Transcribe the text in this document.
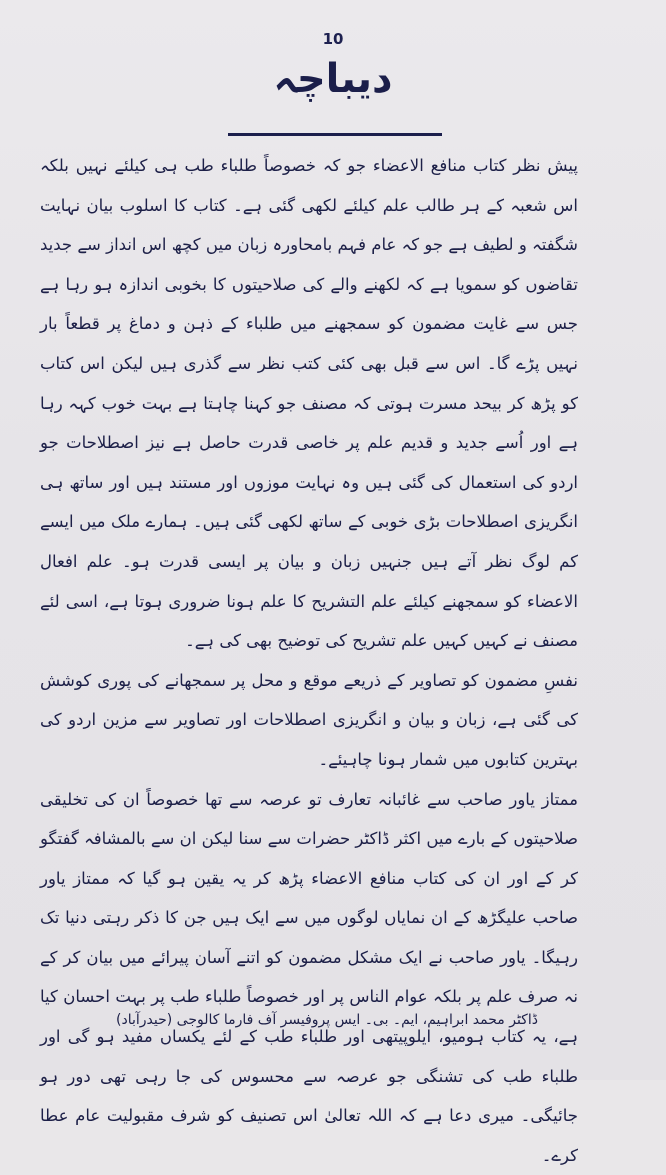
10
دیباچہ

پیش نظر کتاب منافع الاعضاء جو کہ خصوصاً طلباء طب ہی کیلئے نہیں بلکہ اس شعبہ کے ہر طالب علم کیلئے لکھی گئی ہے۔ کتاب کا اسلوب بیان نہایت شگفتہ و لطیف ہے جو کہ عام فہم بامحاورہ زبان میں کچھ اس انداز سے جدید تقاضوں کو سمویا ہے کہ لکھنے والے کی صلاحیتوں کا بخوبی اندازہ ہو رہا ہے جس سے غایت مضمون کو سمجھنے میں طلباء کے ذہن و دماغ پر قطعاً بار نہیں پڑے گا۔ اس سے قبل بھی کئی کتب نظر سے گذری ہیں لیکن اس کتاب کو پڑھ کر بیحد مسرت ہوتی کہ مصنف جو کہنا چاہتا ہے بہت خوب کہہ رہا ہے اور اُسے جدید و قدیم علم پر خاصی قدرت حاصل ہے نیز اصطلاحات جو اردو کی استعمال کی گئی ہیں وہ نہایت موزوں اور مستند ہیں اور ساتھ ہی انگریزی اصطلاحات بڑی خوبی کے ساتھ لکھی گئی ہیں۔ ہمارے ملک میں ایسے کم لوگ نظر آتے ہیں جنہیں زبان و بیان پر ایسی قدرت ہو۔ علم افعال الاعضاء کو سمجھنے کیلئے علم التشریح کا علم ہونا ضروری ہوتا ہے، اسی لئے مصنف نے کہیں کہیں علم تشریح کی توضیح بھی کی ہے۔

نفسِ مضمون کو تصاویر کے ذریعے موقع و محل پر سمجھانے کی پوری کوشش کی گئی ہے، زبان و بیان و انگریزی اصطلاحات اور تصاویر سے مزین اردو کی بہترین کتابوں میں شمار ہونا چاہیئے۔

ممتاز یاور صاحب سے غائبانہ تعارف تو عرصہ سے تھا خصوصاً ان کی تخلیقی صلاحیتوں کے بارے میں اکثر ڈاکٹر حضرات سے سنا لیکن ان سے بالمشافہ گفتگو کر کے اور ان کی کتاب منافع الاعضاء پڑھ کر یہ یقین ہو گیا کہ ممتاز یاور صاحب علیگڑھ کے ان نمایاں لوگوں میں سے ایک ہیں جن کا ذکر رہتی دنیا تک رہیگا۔ یاور صاحب نے ایک مشکل مضمون کو اتنے آسان پیرائے میں بیان کر کے نہ صرف علم پر بلکہ عوام الناس پر اور خصوصاً طلباء طب پر بہت احسان کیا ہے، یہ کتاب ہومیو، ایلوپیتھی اور طلباء طب کے لئے یکساں مفید ہو گی اور طلباء طب کی تشنگی جو عرصہ سے محسوس کی جا رہی تھی دور ہو جائیگی۔ میری دعا ہے کہ اللہ تعالیٰ اس تصنیف کو شرف مقبولیت عام عطا کرے۔

ڈاکٹر محمد ابراہیم، ایم۔ بی۔ ایس پروفیسر آف فارما کالوجی (حیدرآباد)
